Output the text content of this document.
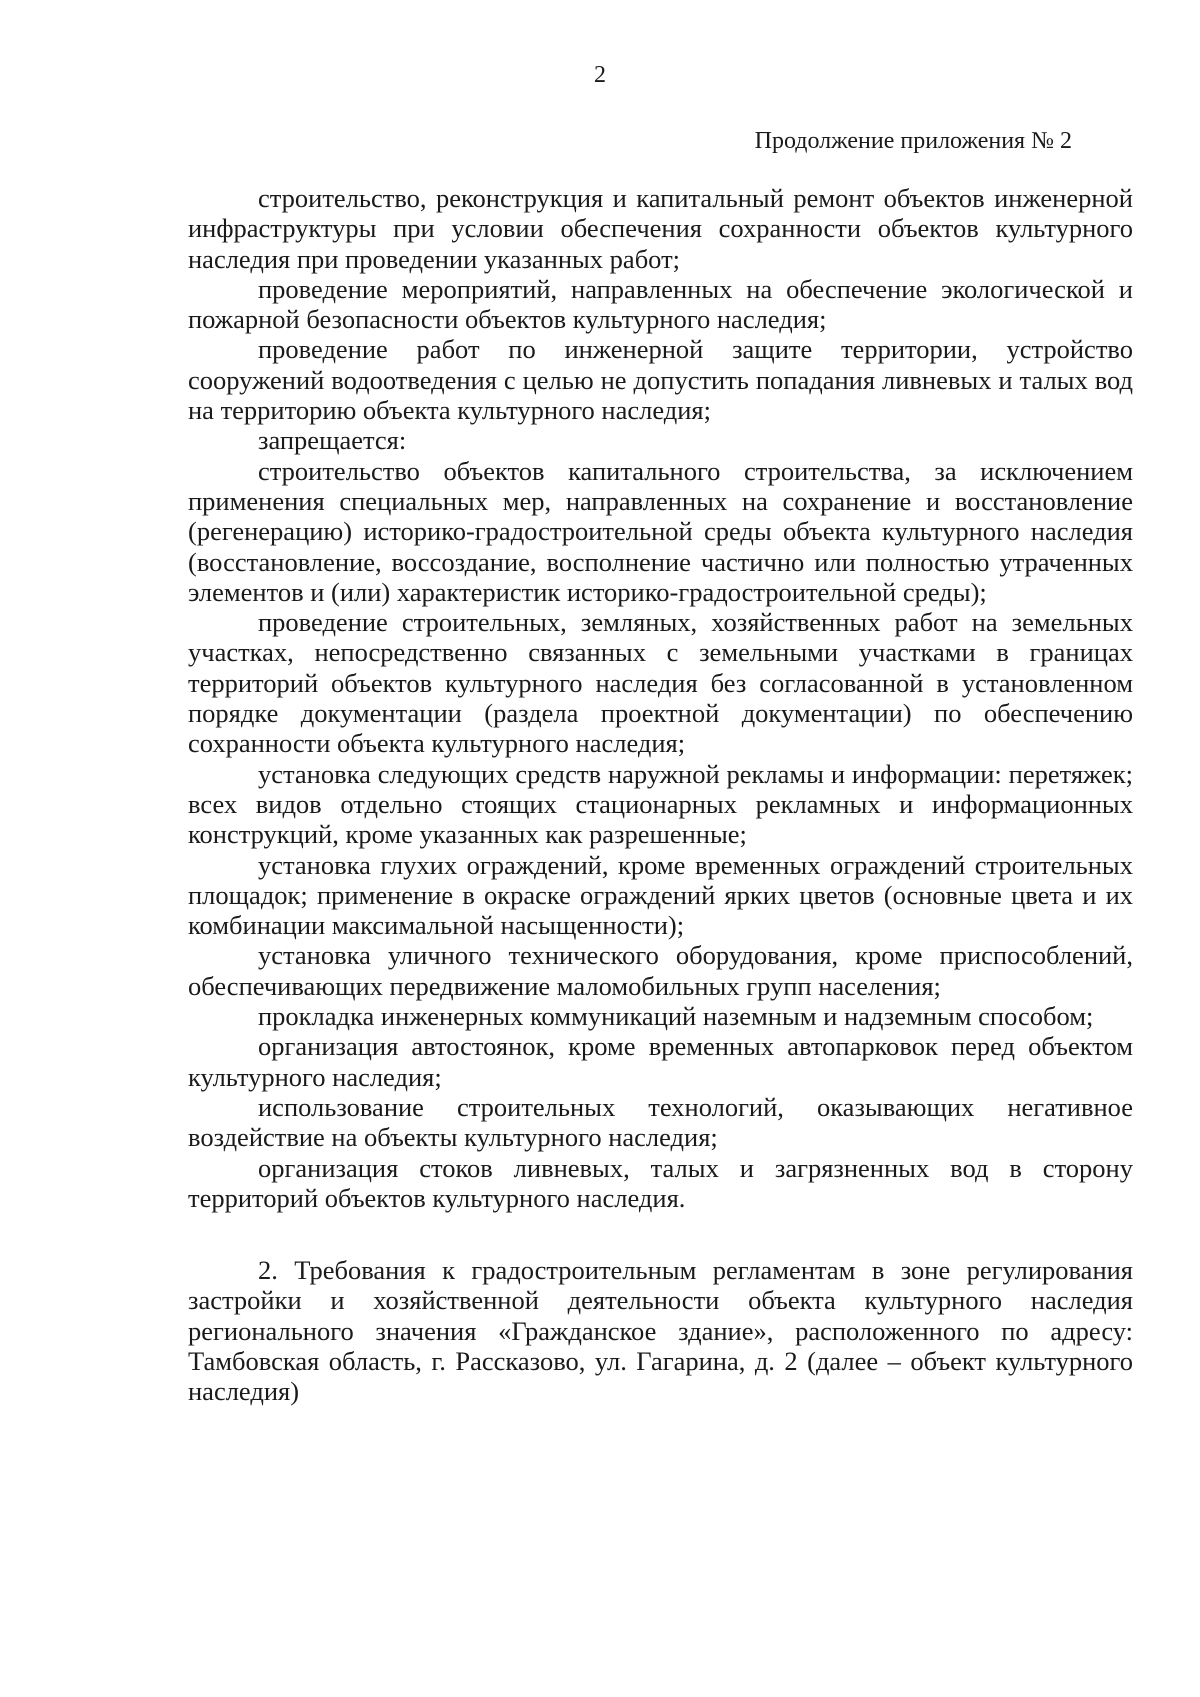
2
Продолжение приложения № 2

строительство, реконструкция и капитальный ремонт объектов инженерной инфраструктуры при условии обеспечения сохранности объектов культурного наследия при проведении указанных работ;

проведение мероприятий, направленных на обеспечение экологической и пожарной безопасности объектов культурного наследия;

проведение работ по инженерной защите территории, устройство сооружений водоотведения с целью не допустить попадания ливневых и талых вод на территорию объекта культурного наследия;

запрещается:

строительство объектов капитального строительства, за исключением применения специальных мер, направленных на сохранение и восстановление (регенерацию) историко-градостроительной среды объекта культурного наследия (восстановление, воссоздание, восполнение частично или полностью утраченных элементов и (или) характеристик историко-градостроительной среды);

проведение строительных, земляных, хозяйственных работ на земельных участках, непосредственно связанных с земельными участками в границах территорий объектов культурного наследия без согласованной в установленном порядке документации (раздела проектной документации) по обеспечению сохранности объекта культурного наследия;

установка следующих средств наружной рекламы и информации: перетяжек; всех видов отдельно стоящих стационарных рекламных и информационных конструкций, кроме указанных как разрешенные;

установка глухих ограждений, кроме временных ограждений строительных площадок; применение в окраске ограждений ярких цветов (основные цвета и их комбинации максимальной насыщенности);

установка уличного технического оборудования, кроме приспособлений, обеспечивающих передвижение маломобильных групп населения;

прокладка инженерных коммуникаций наземным и надземным способом;

организация автостоянок, кроме временных автопарковок перед объектом культурного наследия;

использование строительных технологий, оказывающих негативное воздействие на объекты культурного наследия;

организация стоков ливневых, талых и загрязненных вод в сторону территорий объектов культурного наследия.

2. Требования к градостроительным регламентам в зоне регулирования застройки и хозяйственной деятельности объекта культурного наследия регионального значения «Гражданское здание», расположенного по адресу: Тамбовская область, г. Рассказово, ул. Гагарина, д. 2 (далее – объект культурного наследия)
